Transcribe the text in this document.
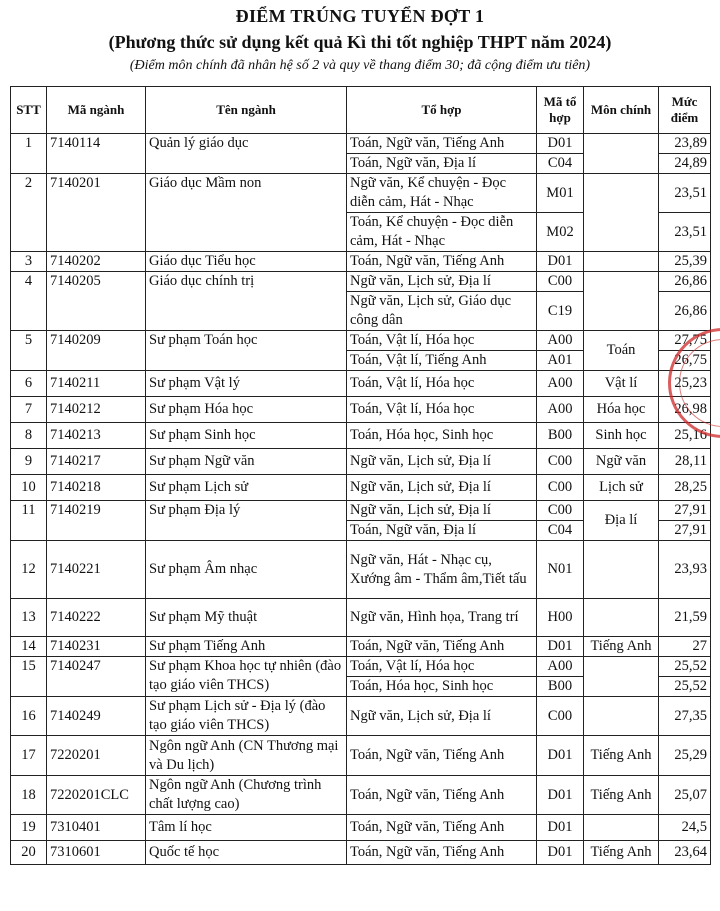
ĐIỂM TRÚNG TUYỂN ĐỢT 1
(Phương thức sử dụng kết quả Kì thi tốt nghiệp THPT năm 2024)
(Điểm môn chính đã nhân hệ số 2 và quy về thang điểm 30; đã cộng điểm ưu tiên)
STT	Mã ngành	Tên ngành	Tổ hợp	Mã tổ hợp	Môn chính	Mức điểm
1	7140114	Quản lý giáo dục	Toán, Ngữ văn, Tiếng Anh	D01		23,89
			Toán, Ngữ văn, Địa lí	C04		24,89
2	7140201	Giáo dục Mầm non	Ngữ văn, Kể chuyện - Đọc diễn cảm, Hát - Nhạc	M01		23,51
			Toán, Kể chuyện - Đọc diễn cảm, Hát - Nhạc	M02		23,51
3	7140202	Giáo dục Tiểu học	Toán, Ngữ văn, Tiếng Anh	D01		25,39
4	7140205	Giáo dục chính trị	Ngữ văn, Lịch sử, Địa lí	C00		26,86
			Ngữ văn, Lịch sử, Giáo dục công dân	C19		26,86
5	7140209	Sư phạm Toán học	Toán, Vật lí, Hóa học	A00	Toán	27,75
			Toán, Vật lí, Tiếng Anh	A01		26,75
6	7140211	Sư phạm Vật lý	Toán, Vật lí, Hóa học	A00	Vật lí	25,23
7	7140212	Sư phạm Hóa học	Toán, Vật lí, Hóa học	A00	Hóa học	26,98
8	7140213	Sư phạm Sinh học	Toán, Hóa học, Sinh học	B00	Sinh học	25,16
9	7140217	Sư phạm Ngữ văn	Ngữ văn, Lịch sử, Địa lí	C00	Ngữ văn	28,11
10	7140218	Sư phạm Lịch sử	Ngữ văn, Lịch sử, Địa lí	C00	Lịch sử	28,25
11	7140219	Sư phạm Địa lý	Ngữ văn, Lịch sử, Địa lí	C00	Địa lí	27,91
			Toán, Ngữ văn, Địa lí	C04		27,91
12	7140221	Sư phạm Âm nhạc	Ngữ văn, Hát - Nhạc cụ, Xướng âm - Thẩm âm,Tiết tấu	N01		23,93
13	7140222	Sư phạm Mỹ thuật	Ngữ văn, Hình họa, Trang trí	H00		21,59
14	7140231	Sư phạm Tiếng Anh	Toán, Ngữ văn, Tiếng Anh	D01	Tiếng Anh	27
15	7140247	Sư phạm Khoa học tự nhiên (đào tạo giáo viên THCS)	Toán, Vật lí, Hóa học	A00		25,52
			Toán, Hóa học, Sinh học	B00		25,52
16	7140249	Sư phạm Lịch sử - Địa lý (đào tạo giáo viên THCS)	Ngữ văn, Lịch sử, Địa lí	C00		27,35
17	7220201	Ngôn ngữ Anh (CN Thương mại và Du lịch)	Toán, Ngữ văn, Tiếng Anh	D01	Tiếng Anh	25,29
18	7220201CLC	Ngôn ngữ Anh (Chương trình chất lượng cao)	Toán, Ngữ văn, Tiếng Anh	D01	Tiếng Anh	25,07
19	7310401	Tâm lí học	Toán, Ngữ văn, Tiếng Anh	D01		24,5
20	7310601	Quốc tế học	Toán, Ngữ văn, Tiếng Anh	D01	Tiếng Anh	23,64
